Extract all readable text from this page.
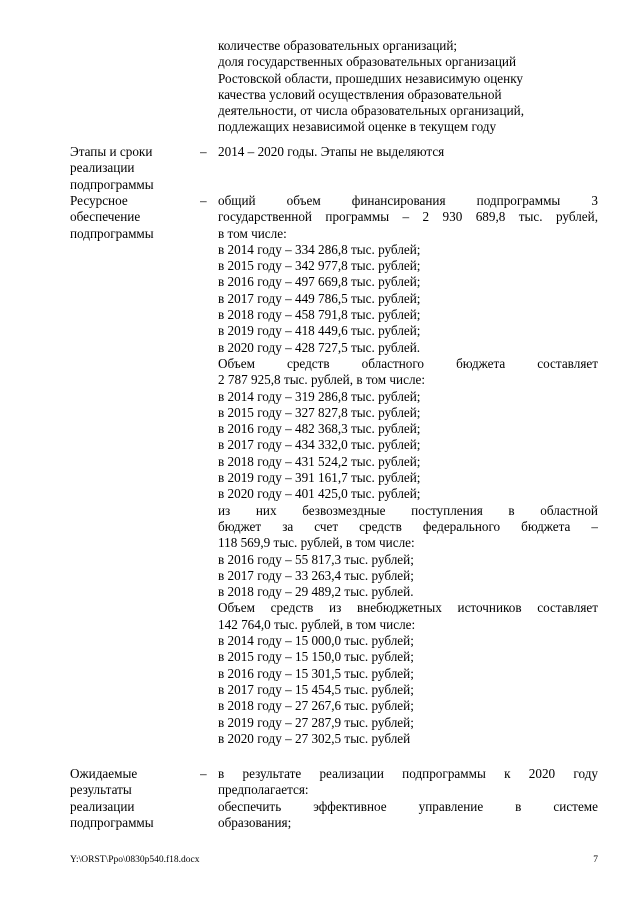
количестве образовательных организаций;
доля государственных образовательных организаций
Ростовской области, прошедших независимую оценку
качества условий осуществления образовательной
деятельности, от числа образовательных организаций,
подлежащих независимой оценке в текущем году
Этапы и сроки
реализации
подпрограммы
– 2014 – 2020 годы. Этапы не выделяются
Ресурсное
обеспечение
подпрограммы
– общий объем финансирования подпрограммы 3
государственной программы – 2 930 689,8 тыс. рублей,
в том числе:
в 2014 году – 334 286,8 тыс. рублей;
в 2015 году – 342 977,8 тыс. рублей;
в 2016 году – 497 669,8 тыс. рублей;
в 2017 году – 449 786,5 тыс. рублей;
в 2018 году – 458 791,8 тыс. рублей;
в 2019 году – 418 449,6 тыс. рублей;
в 2020 году – 428 727,5 тыс. рублей.
Объем средств областного бюджета составляет
2 787 925,8 тыс. рублей, в том числе:
в 2014 году – 319 286,8 тыс. рублей;
в 2015 году – 327 827,8 тыс. рублей;
в 2016 году – 482 368,3 тыс. рублей;
в 2017 году – 434 332,0 тыс. рублей;
в 2018 году – 431 524,2 тыс. рублей;
в 2019 году – 391 161,7 тыс. рублей;
в 2020 году – 401 425,0 тыс. рублей;
из них безвозмездные поступления в областной
бюджет за счет средств федерального бюджета –
118 569,9 тыс. рублей, в том числе:
в 2016 году – 55 817,3 тыс. рублей;
в 2017 году – 33 263,4 тыс. рублей;
в 2018 году – 29 489,2 тыс. рублей.
Объем средств из внебюджетных источников составляет
142 764,0 тыс. рублей, в том числе:
в 2014 году – 15 000,0 тыс. рублей;
в 2015 году – 15 150,0 тыс. рублей;
в 2016 году – 15 301,5 тыс. рублей;
в 2017 году – 15 454,5 тыс. рублей;
в 2018 году – 27 267,6 тыс. рублей;
в 2019 году – 27 287,9 тыс. рублей;
в 2020 году – 27 302,5 тыс. рублей
Ожидаемые
результаты
реализации
подпрограммы
– в результате реализации подпрограммы к 2020 году
предполагается:
обеспечить эффективное управление в системе
образования;
Y:\ORST\Ppo\0830p540.f18.docx	7
